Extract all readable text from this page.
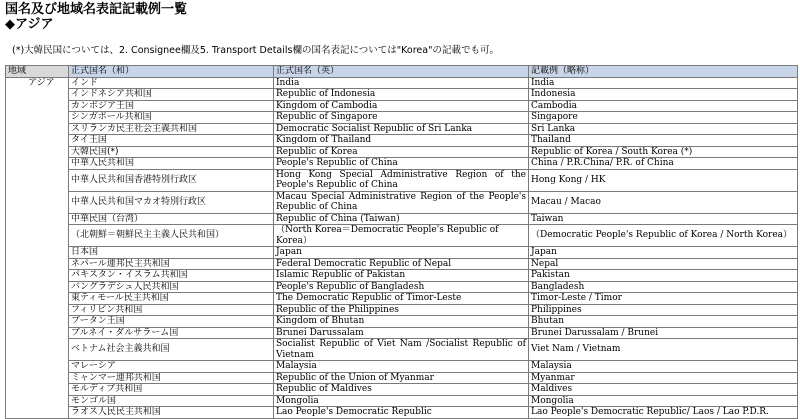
国名及び地域名表記記載例一覧
◆アジア
(*)大韓民国については、2. Consignee欄及5. Transport Details欄の国名表記については"Korea"の記載でも可。
地域	正式国名（和）	正式国名（英）	記載例（略称）
アジア	インド	India	India
	インドネシア共和国	Republic of Indonesia	Indonesia
	カンボジア王国	Kingdom of Cambodia	Cambodia
	シンガポール共和国	Republic of Singapore	Singapore
	スリランカ民主社会主義共和国	Democratic Socialist Republic of Sri Lanka	Sri Lanka
	タイ王国	Kingdom of Thailand	Thailand
	大韓民国(*)	Republic of Korea	Republic of Korea / South Korea (*)
	中華人民共和国	People's Republic of China	China / P.R.China/ P.R. of China
	中華人民共和国香港特別行政区	Hong Kong Special Administrative Region of the People's Republic of China	Hong Kong / HK
	中華人民共和国マカオ特別行政区	Macau Special Administrative Region of the People's Republic of China	Macau / Macao
	中華民国（台湾）	Republic of China (Taiwan)	Taiwan
	（北朝鮮＝朝鮮民主主義人民共和国）	（North Korea＝Democratic People's Republic of Korea）	（Democratic People's Republic of Korea / North Korea）
	日本国	Japan	Japan
	ネパール連邦民主共和国	Federal Democratic Republic of Nepal	Nepal
	パキスタン・イスラム共和国	Islamic Republic of Pakistan	Pakistan
	バングラデシュ人民共和国	People's Republic of Bangladesh	Bangladesh
	東ティモール民主共和国	The Democratic Republic of Timor-Leste	Timor-Leste / Timor
	フィリピン共和国	Republic of the Philippines	Philippines
	ブータン王国	Kingdom of Bhutan	Bhutan
	ブルネイ・ダルサラーム国	Brunei Darussalam	Brunei Darussalam / Brunei
	ベトナム社会主義共和国	Socialist Republic of Viet Nam /Socialist Republic of Vietnam	Viet Nam / Vietnam
	マレーシア	Malaysia	Malaysia
	ミャンマー連邦共和国	Republic of the Union of Myanmar	Myanmar
	モルディブ共和国	Republic of Maldives	Maldives
	モンゴル国	Mongolia	Mongolia
	ラオス人民民主共和国	Lao People's Democratic Republic	Lao People's Democratic Republic/ Laos / Lao P.D.R.
